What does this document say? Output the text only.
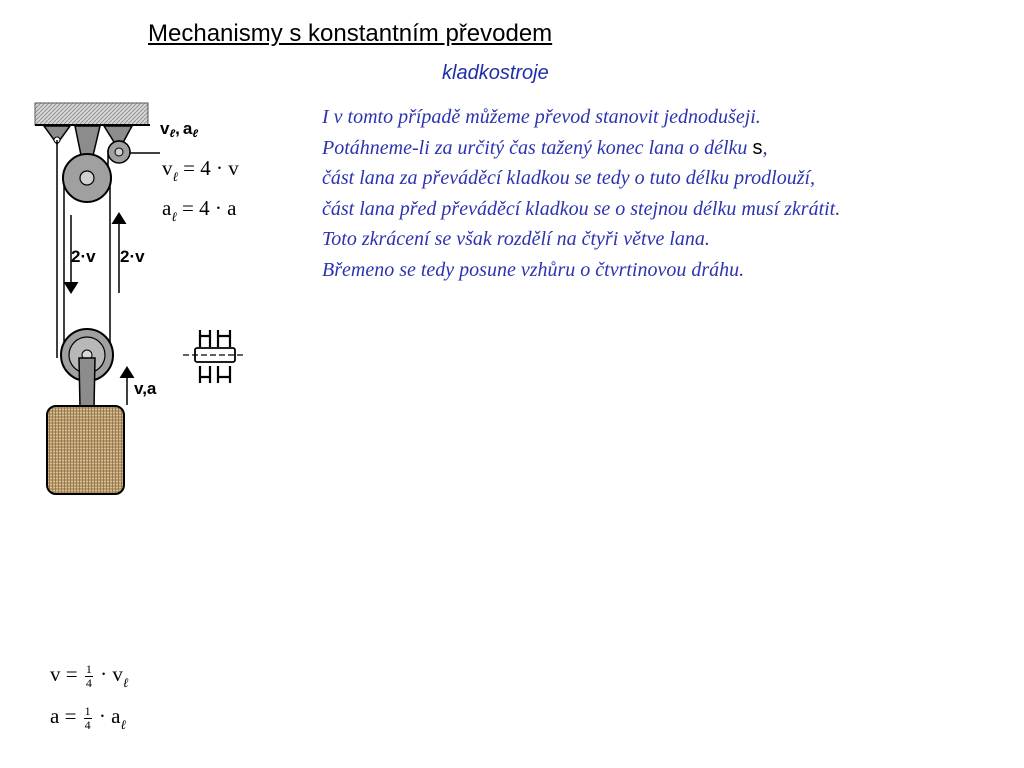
Mechanismy s konstantním převodem
kladkostroje
I v tomto případě můžeme převod stanovit jednodušeji.
Potáhneme-li za určitý čas tažený konec lana o délku s,
část lana za převáděcí kladkou se tedy o tuto délku prodlouží,
část lana před převáděcí kladkou se o stejnou délku musí zkrátit.
Toto zkrácení se však rozdělí na čtyři větve lana.
Břemeno se tedy posune vzhůru o čtvrtinovou dráhu.
vℓ, aℓ
2·v 2·v
v,a
$v_\ell = 4 \cdot v$
$a_\ell = 4 \cdot a$
$v = \frac{1}{4} \cdot v_\ell$
$a = \frac{1}{4} \cdot a_\ell$
